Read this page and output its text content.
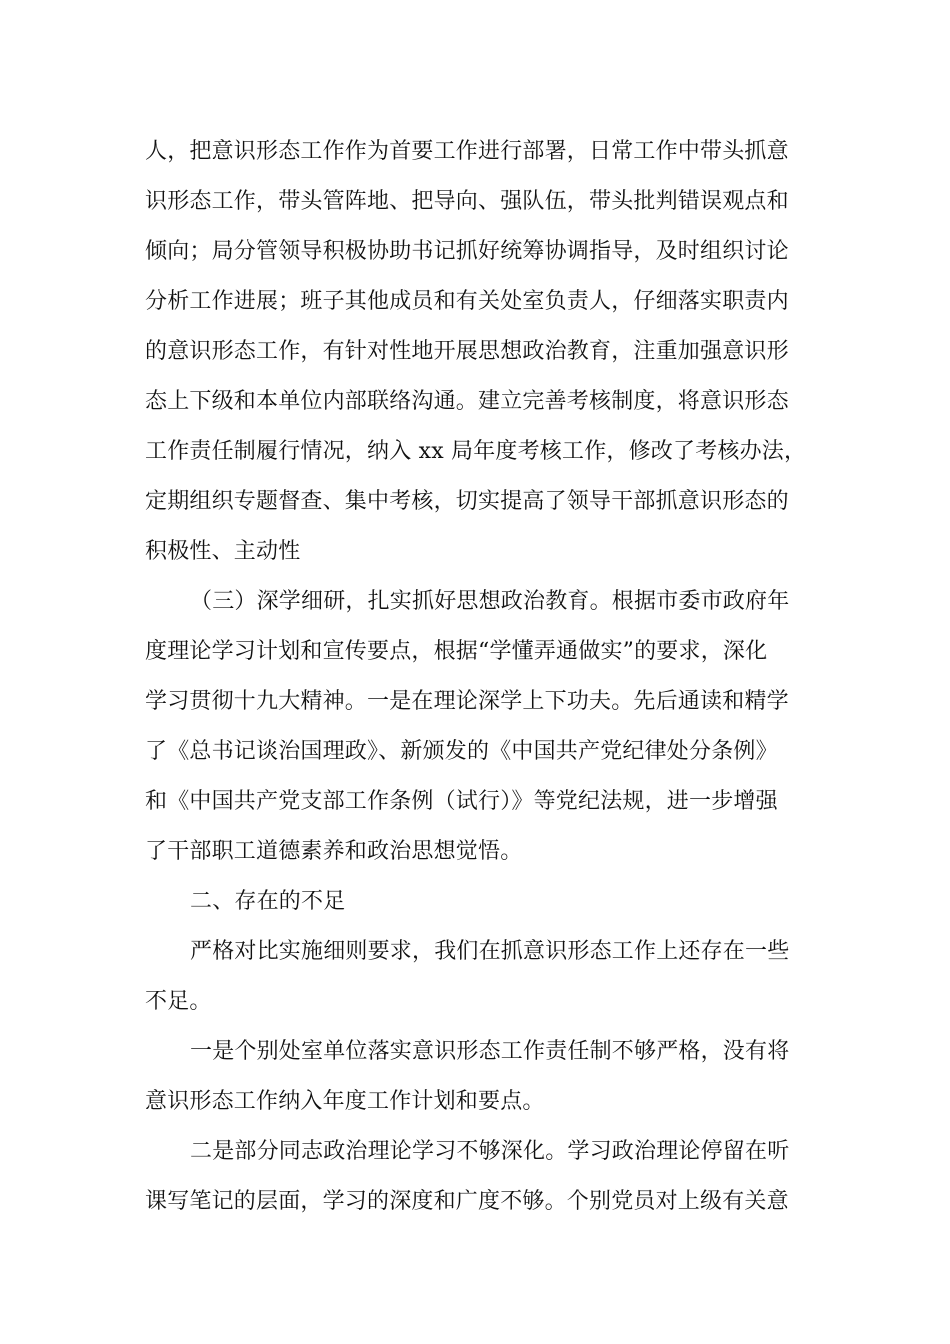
人，把意识形态工作作为首要工作进行部署，日常工作中带头抓意
识形态工作，带头管阵地、把导向、强队伍，带头批判错误观点和
倾向；局分管领导积极协助书记抓好统筹协调指导，及时组织讨论
分析工作进展；班子其他成员和有关处室负责人，仔细落实职责内
的意识形态工作，有针对性地开展思想政治教育，注重加强意识形
态上下级和本单位内部联络沟通。建立完善考核制度，将意识形态
工作责任制履行情况，纳入 xx 局年度考核工作，修改了考核办法，
定期组织专题督查、集中考核，切实提高了领导干部抓意识形态的
积极性、主动性
（三）深学细研，扎实抓好思想政治教育。根据市委市政府年
度理论学习计划和宣传要点，根据“学懂弄通做实”的要求，深化
学习贯彻十九大精神。一是在理论深学上下功夫。先后通读和精学
了《总书记谈治国理政》、新颁发的《中国共产党纪律处分条例》
和《中国共产党支部工作条例（试行）》等党纪法规，进一步增强
了干部职工道德素养和政治思想觉悟。
二、存在的不足
严格对比实施细则要求，我们在抓意识形态工作上还存在一些
不足。
一是个别处室单位落实意识形态工作责任制不够严格，没有将
意识形态工作纳入年度工作计划和要点。
二是部分同志政治理论学习不够深化。学习政治理论停留在听
课写笔记的层面，学习的深度和广度不够。个别党员对上级有关意
